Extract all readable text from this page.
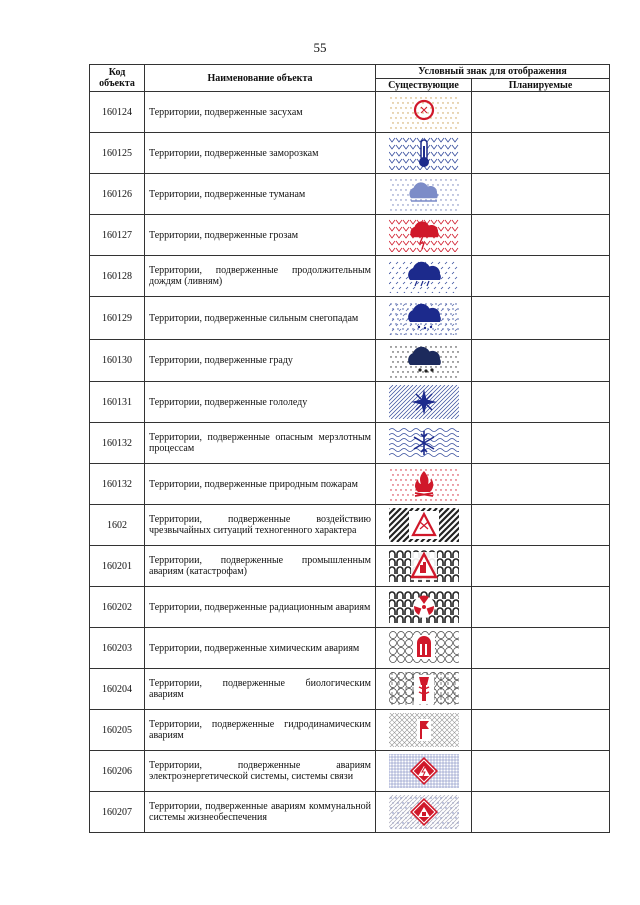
55
Код объекта	Наименование объекта	Условный знак для отображения	
		Существующие	Планируемые
160124	Территории, подверженные засухам	

160125	Территории, подверженные заморозкам	

160126	Территории, подверженные туманам	

160127	Территории, подверженные грозам	

160128	Территории, подверженные продолжительным дождям (ливням)	

160129	Территории, подверженные сильным снегопадам	

160130	Территории, подверженные граду	

160131	Территории, подверженные гололеду	

160132	Территории, подверженные опасным мерзлотным процессам	

160132	Территории, подверженные природным пожарам	

1602	Территории, подверженные воздействию чрезвычайных ситуаций техногенного характера	

160201	Территории, подверженные промышленным авариям (катастрофам)	

160202	Территории, подверженные радиационным авариям	

160203	Территории, подверженные химическим авариям	

160204	Территории, подверженные биологическим авариям	

160205	Территории, подверженные гидродинамическим авариям	

160206	Территории, подверженные авариям электроэнергетической системы, системы связи	

160207	Территории, подверженные авариям коммунальной системы жизнеобеспечения	
